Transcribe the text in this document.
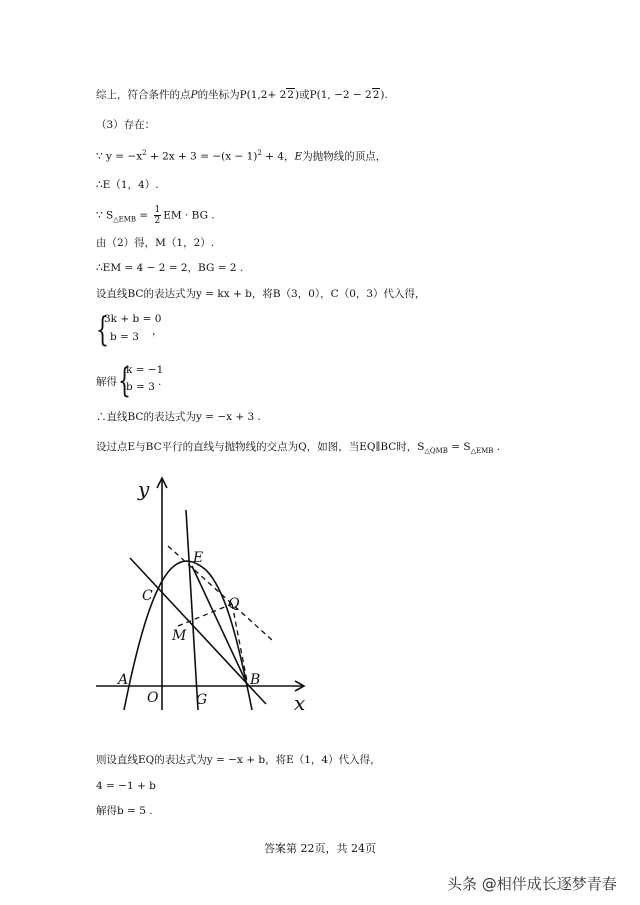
综上，符合条件的点P的坐标为P(1,2+ 22)或P(1, −2 − 22).
（3）存在：
∵ $y = -x^2 + 2x + 3 = -(x - 1)^2 + 4$，E为抛物线的顶点，
∴E（1，4）.
∵ $S_{\triangle EMB} = \frac{1}{2}$ EM · BG .
由（2）得，M（1，2）.
∴EM = 4 − 2 = 2，BG = 2 .
设直线BC的表达式为y = kx + b，将B（3，0），C（0，3）代入得，
{
3k + b = 0
b = 3 ，
解得 {
k = −1
b = 3 .
∴直线BC的表达式为y = −x + 3 .
设过点E与BC平行的直线与抛物线的交点为Q，如图，当EQ∥BC时，$S_{\triangle QMB} = S_{\triangle EMB}$ .
y
x
E
C	Q
M
A
O	G
B
则设直线EQ的表达式为y = −x + b，将E（1，4）代入得，
4 = −1 + b
解得b = 5 .
答案第 22页，共 24页
头条 @相伴成长逐梦青春
